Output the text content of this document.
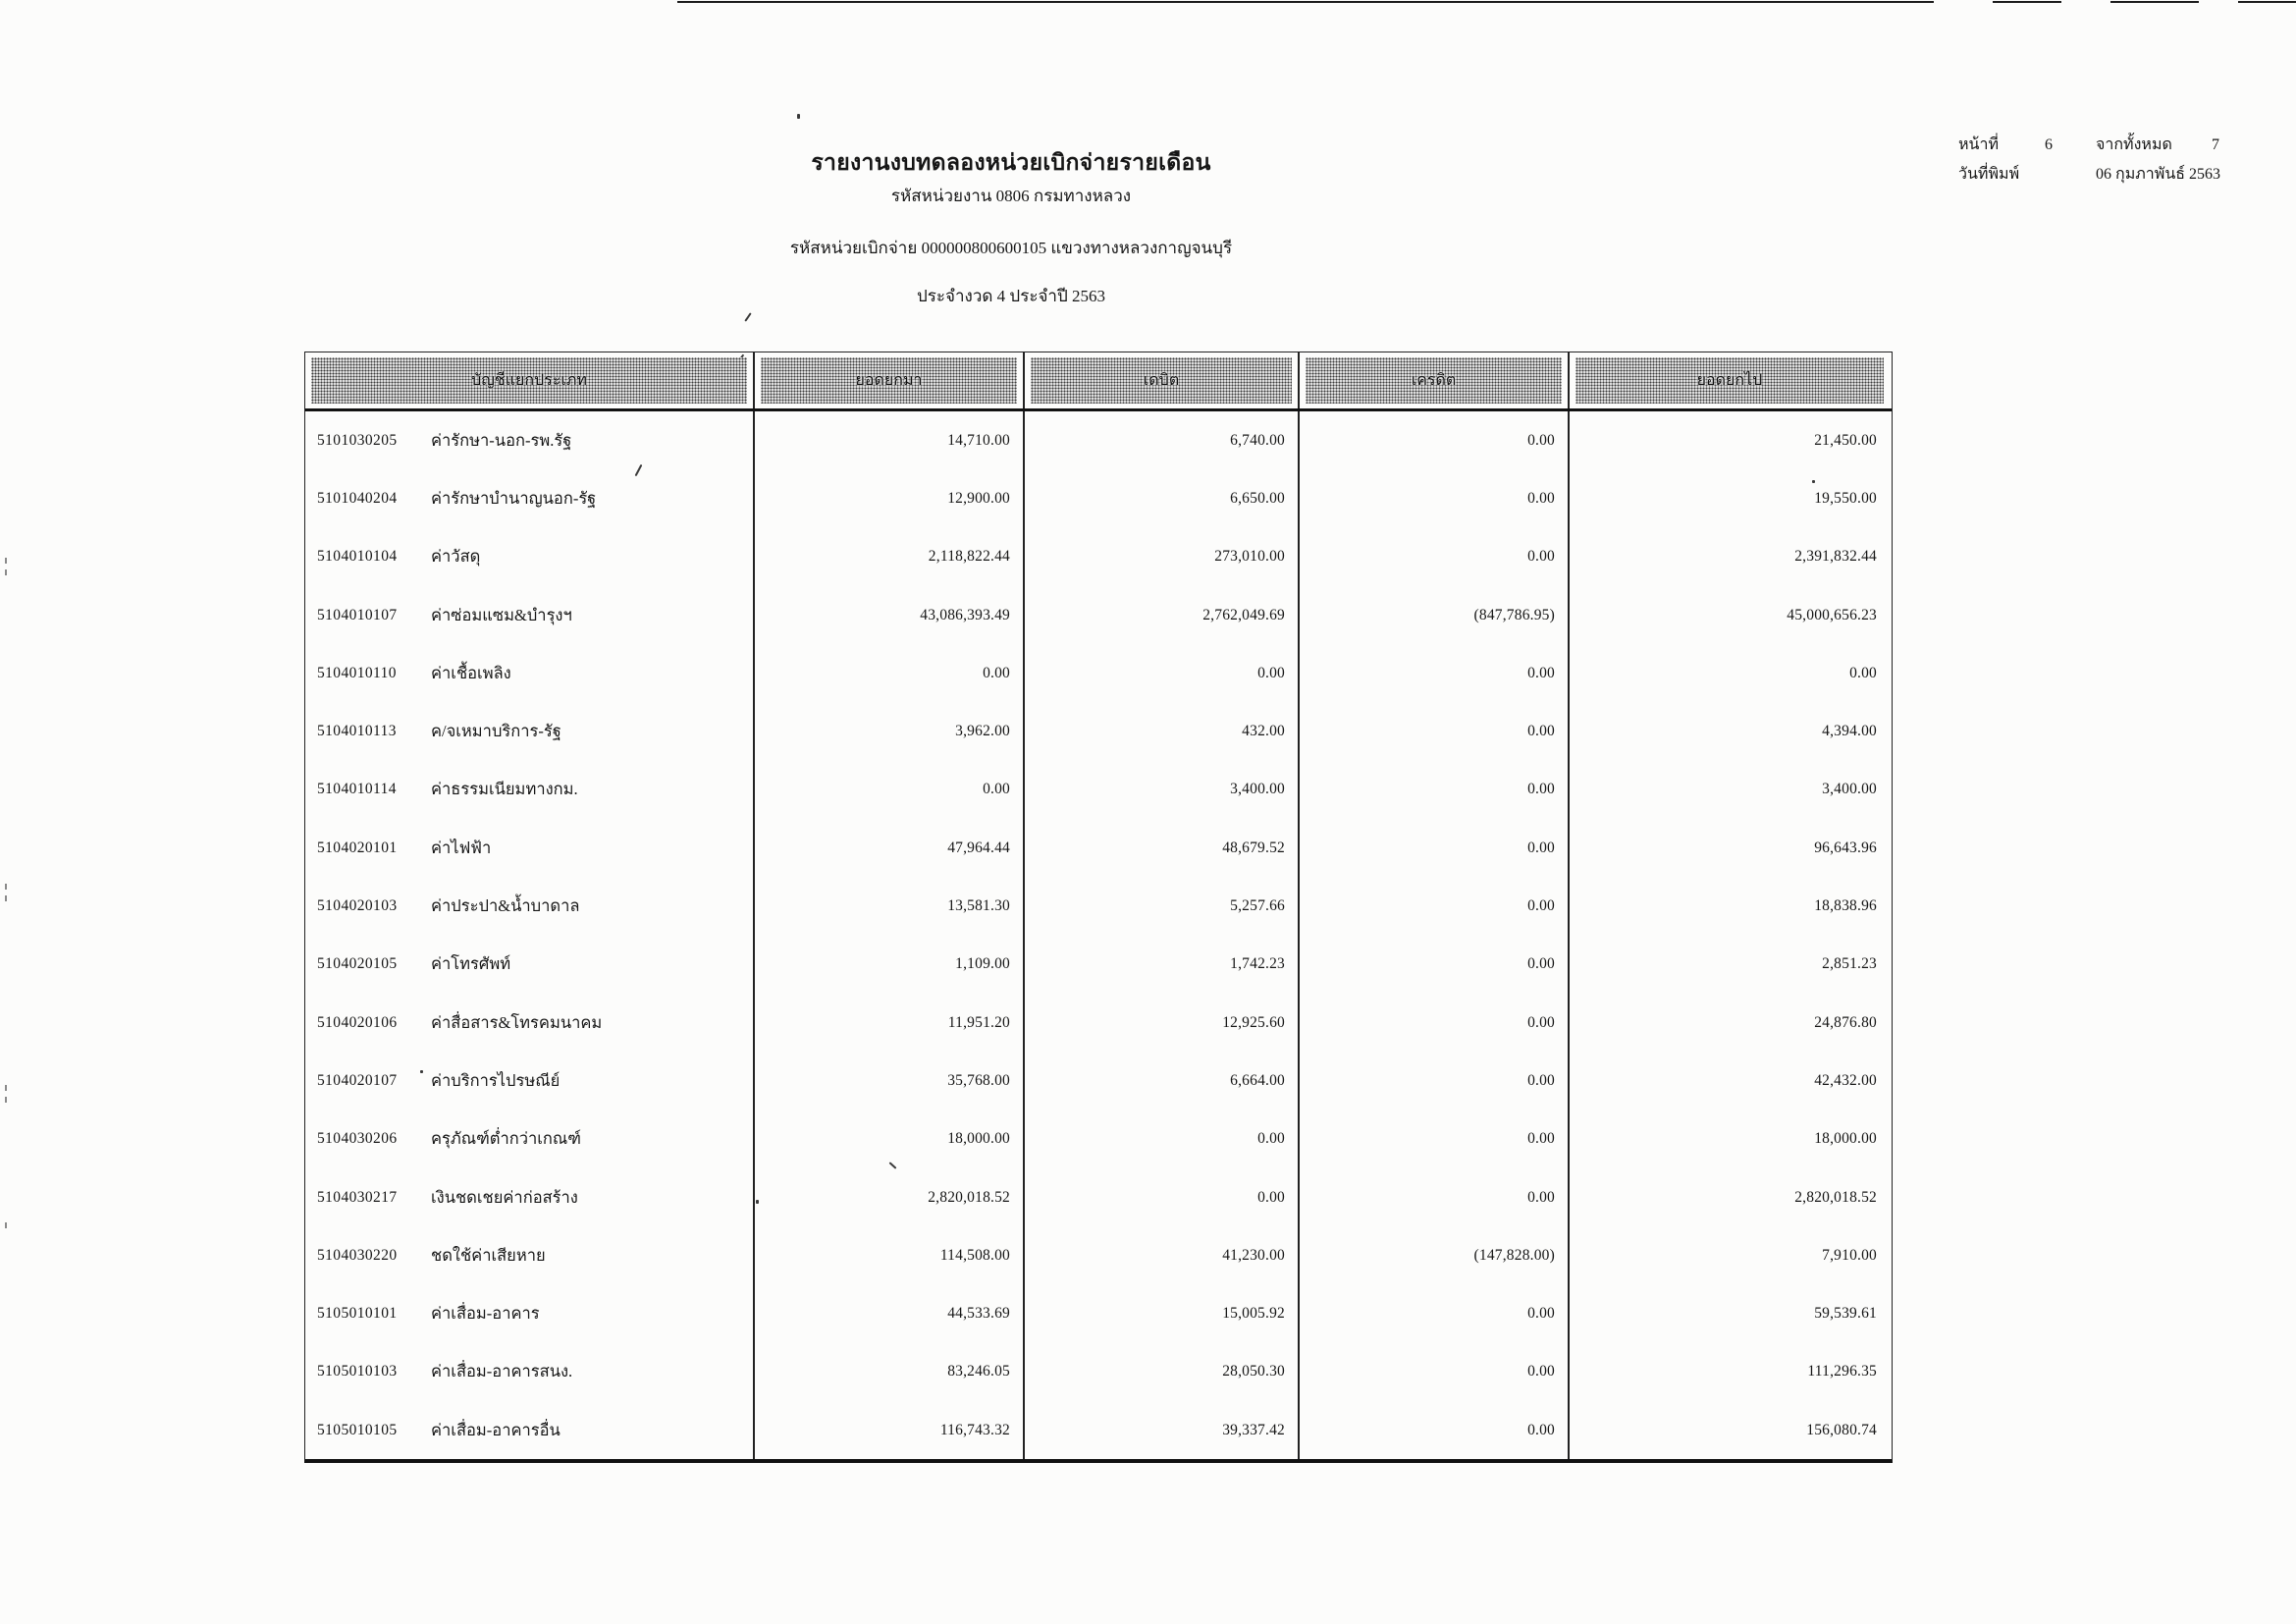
รายงานงบทดลองหน่วยเบิกจ่ายรายเดือน
รหัสหน่วยงาน 0806 กรมทางหลวง
รหัสหน่วยเบิกจ่าย 000000800600105 แขวงทางหลวงกาญจนบุรี
ประจำงวด 4 ประจำปี 2563
หน้าที่	6	จากทั้งหมด	7
วันที่พิมพ์	06 กุมภาพันธ์ 2563
บัญชีแยกประเภท	ยอดยกมา	เดบิต	เครดิต	ยอดยกไป
5101030205	ค่ารักษา-นอก-รพ.รัฐ	14,710.00	6,740.00	0.00	21,450.00
5101040204	ค่ารักษาบำนาญนอก-รัฐ	12,900.00	6,650.00	0.00	19,550.00
5104010104	ค่าวัสดุ	2,118,822.44	273,010.00	0.00	2,391,832.44
5104010107	ค่าซ่อมแซม&บำรุงฯ	43,086,393.49	2,762,049.69	(847,786.95)	45,000,656.23
5104010110	ค่าเชื้อเพลิง	0.00	0.00	0.00	0.00
5104010113	ค/จเหมาบริการ-รัฐ	3,962.00	432.00	0.00	4,394.00
5104010114	ค่าธรรมเนียมทางกม.	0.00	3,400.00	0.00	3,400.00
5104020101	ค่าไฟฟ้า	47,964.44	48,679.52	0.00	96,643.96
5104020103	ค่าประปา&น้ำบาดาล	13,581.30	5,257.66	0.00	18,838.96
5104020105	ค่าโทรศัพท์	1,109.00	1,742.23	0.00	2,851.23
5104020106	ค่าสื่อสาร&โทรคมนาคม	11,951.20	12,925.60	0.00	24,876.80
5104020107	ค่าบริการไปรษณีย์	35,768.00	6,664.00	0.00	42,432.00
5104030206	ครุภัณฑ์ต่ำกว่าเกณฑ์	18,000.00	0.00	0.00	18,000.00
5104030217	เงินชดเชยค่าก่อสร้าง	2,820,018.52	0.00	0.00	2,820,018.52
5104030220	ชดใช้ค่าเสียหาย	114,508.00	41,230.00	(147,828.00)	7,910.00
5105010101	ค่าเสื่อม-อาคาร	44,533.69	15,005.92	0.00	59,539.61
5105010103	ค่าเสื่อม-อาคารสนง.	83,246.05	28,050.30	0.00	111,296.35
5105010105	ค่าเสื่อม-อาคารอื่น	116,743.32	39,337.42	0.00	156,080.74
